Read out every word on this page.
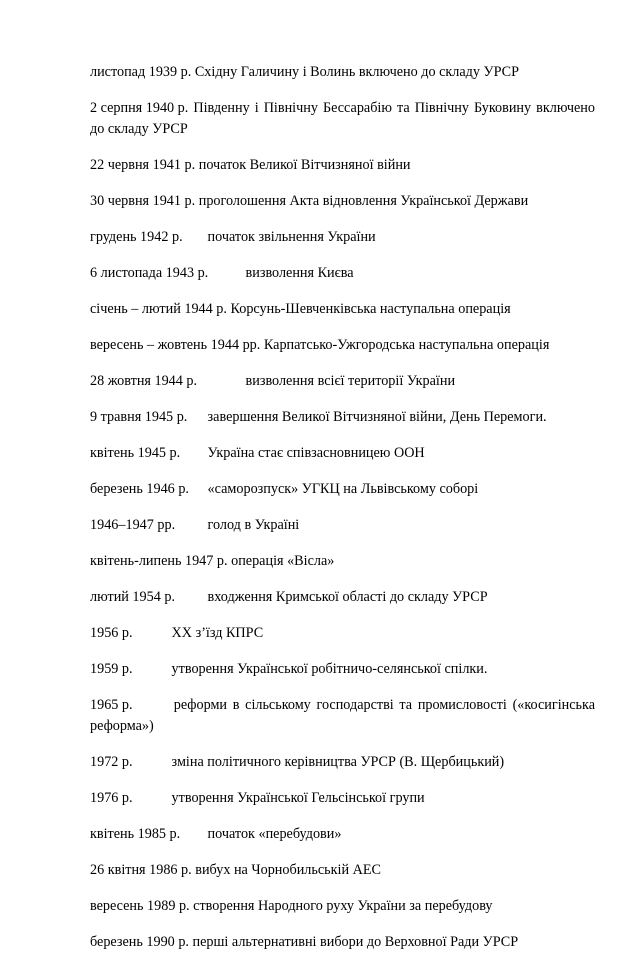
листопад 1939 р. Східну Галичину і Волинь включено до складу УРСР

2 серпня 1940 р. Південну і Північну Бессарабію та Північну Буковину включено до складу УРСР

22 червня 1941 р. початок Великої Вітчизняної війни

30 червня 1941 р. проголошення Акта відновлення Української Держави

грудень 1942 р. початок звільнення України

6 листопада 1943 р.	визволення Києва

січень – лютий 1944 р. Корсунь-Шевченківська наступальна операція

вересень – жовтень 1944 рр. Карпатсько-Ужгородська наступальна операція

28 жовтня 1944 р.	визволення всієї території України

9 травня 1945 р. завершення Великої Вітчизняної війни, День Перемоги.

квітень 1945 р. Україна стає співзасновницею ООН

березень 1946 р. «саморозпуск» УГКЦ на Львівському соборі

1946–1947 рр. голод в Україні

квітень-липень 1947 р. операція «Вісла»

лютий 1954 р. входження Кримської області до складу УРСР

1956 р.	XX з’їзд КПРС

1959 р.	утворення Української робітничо-селянської спілки.

1965 р.	реформи в сільському господарстві та промисловості («косигінська реформа»)

1972 р.	зміна політичного керівництва УРСР (В. Щербицький)

1976 р.	утворення Української Гельсінської групи

квітень 1985 р. початок «перебудови»

26 квітня 1986 р. вибух на Чорнобильській АЕС

вересень 1989 р. створення Народного руху України за перебудову

березень 1990 р. перші альтернативні вибори до Верховної Ради УРСР
